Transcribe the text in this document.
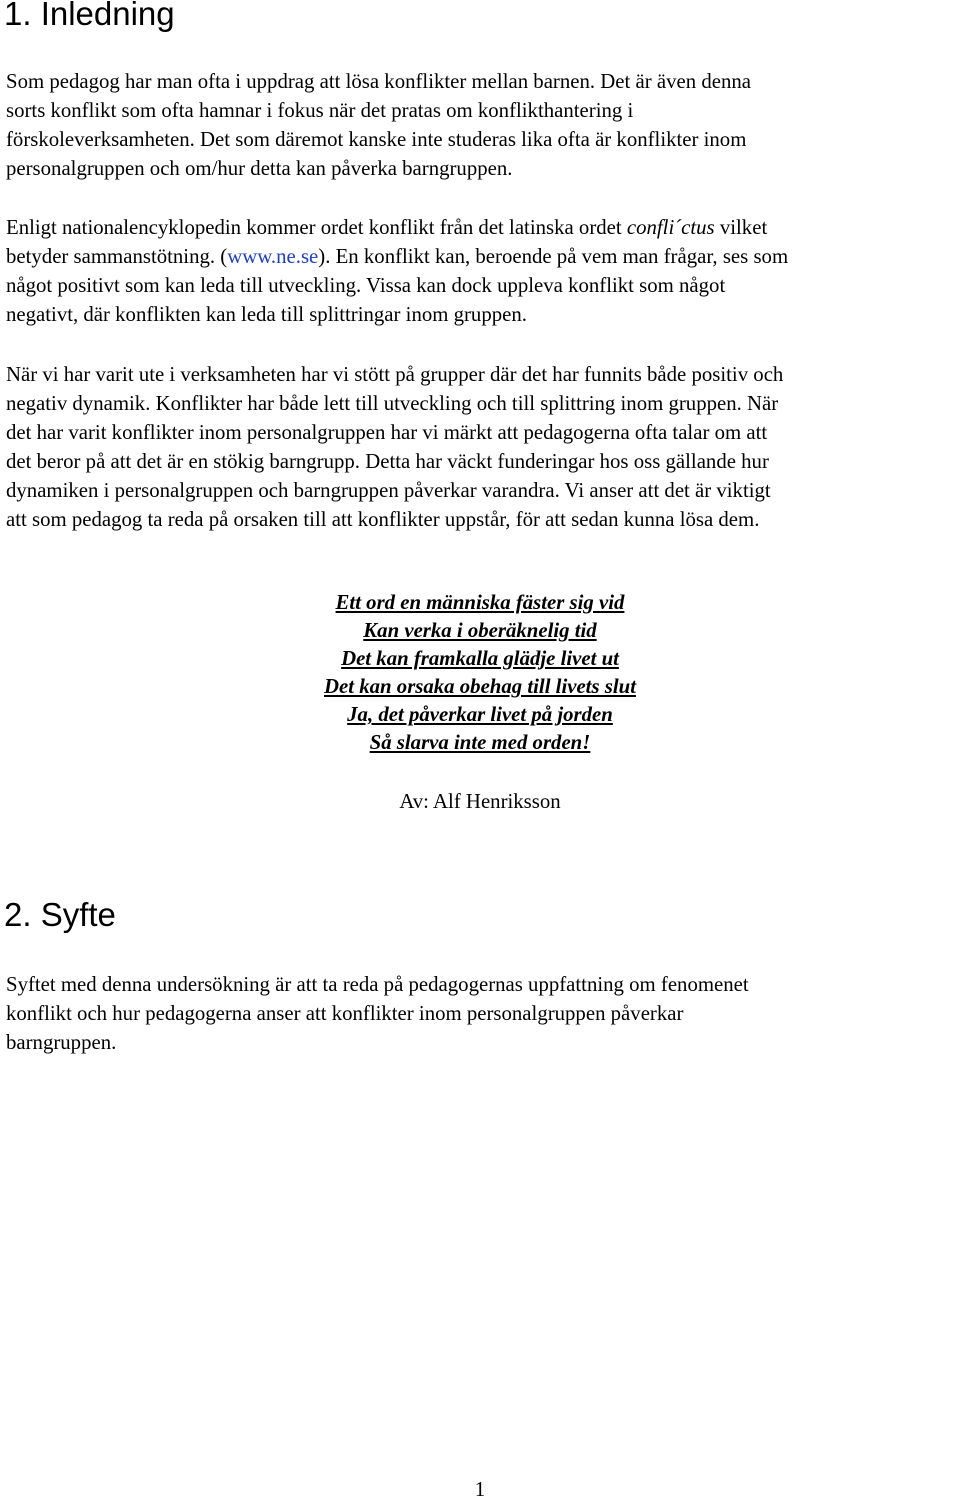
1. Inledning

Som pedagog har man ofta i uppdrag att lösa konflikter mellan barnen. Det är även denna
sorts konflikt som ofta hamnar i fokus när det pratas om konflikthantering i
förskoleverksamheten. Det som däremot kanske inte studeras lika ofta är konflikter inom
personalgruppen och om/hur detta kan påverka barngruppen.

Enligt nationalencyklopedin kommer ordet konflikt från det latinska ordet confli´ctus vilket
betyder sammanstötning. (www.ne.se). En konflikt kan, beroende på vem man frågar, ses som
något positivt som kan leda till utveckling. Vissa kan dock uppleva konflikt som något
negativt, där konflikten kan leda till splittringar inom gruppen.

När vi har varit ute i verksamheten har vi stött på grupper där det har funnits både positiv och
negativ dynamik. Konflikter har både lett till utveckling och till splittring inom gruppen. När
det har varit konflikter inom personalgruppen har vi märkt att pedagogerna ofta talar om att
det beror på att det är en stökig barngrupp. Detta har väckt funderingar hos oss gällande hur
dynamiken i personalgruppen och barngruppen påverkar varandra. Vi anser att det är viktigt
att som pedagog ta reda på orsaken till att konflikter uppstår, för att sedan kunna lösa dem.

Ett ord en människa fäster sig vid
Kan verka i oberäknelig tid
Det kan framkalla glädje livet ut
Det kan orsaka obehag till livets slut
Ja, det påverkar livet på jorden
Så slarva inte med orden!
Av: Alf Henriksson
2. Syfte

Syftet med denna undersökning är att ta reda på pedagogernas uppfattning om fenomenet
konflikt och hur pedagogerna anser att konflikter inom personalgruppen påverkar
barngruppen.

1
